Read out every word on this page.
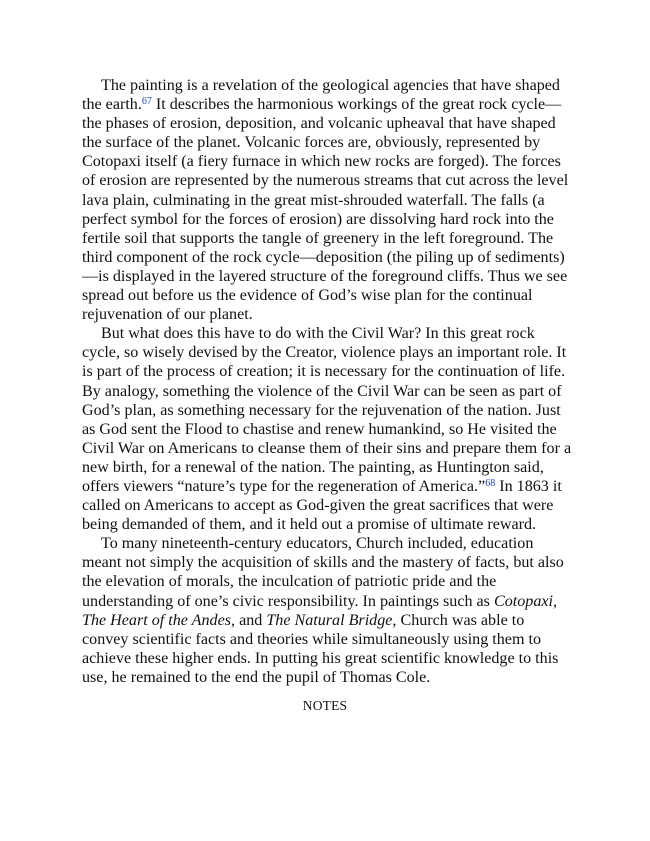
The painting is a revelation of the geological agencies that have shaped the earth.$^{67}$ It describes the harmonious workings of the great rock cycle—the phases of erosion, deposition, and volcanic upheaval that have shaped the surface of the planet. Volcanic forces are, obviously, represented by Cotopaxi itself (a fiery furnace in which new rocks are forged). The forces of erosion are represented by the numerous streams that cut across the level lava plain, culminating in the great mist-shrouded waterfall. The falls (a perfect symbol for the forces of erosion) are dissolving hard rock into the fertile soil that supports the tangle of greenery in the left foreground. The third component of the rock cycle—deposition (the piling up of sediments)—is displayed in the layered structure of the foreground cliffs. Thus we see spread out before us the evidence of God’s wise plan for the continual rejuvenation of our planet.

But what does this have to do with the Civil War? In this great rock cycle, so wisely devised by the Creator, violence plays an important role. It is part of the process of creation; it is necessary for the continuation of life. By analogy, something the violence of the Civil War can be seen as part of God’s plan, as something necessary for the rejuvenation of the nation. Just as God sent the Flood to chastise and renew humankind, so He visited the Civil War on Americans to cleanse them of their sins and prepare them for a new birth, for a renewal of the nation. The painting, as Huntington said, offers viewers “nature’s type for the regeneration of America.”$^{68}$ In 1863 it called on Americans to accept as God-given the great sacrifices that were being demanded of them, and it held out a promise of ultimate reward.

To many nineteenth-century educators, Church included, education meant not simply the acquisition of skills and the mastery of facts, but also the elevation of morals, the inculcation of patriotic pride and the understanding of one’s civic responsibility. In paintings such as Cotopaxi, The Heart of the Andes, and The Natural Bridge, Church was able to convey scientific facts and theories while simultaneously using them to achieve these higher ends. In putting his great scientific knowledge to this use, he remained to the end the pupil of Thomas Cole.

NOTES
